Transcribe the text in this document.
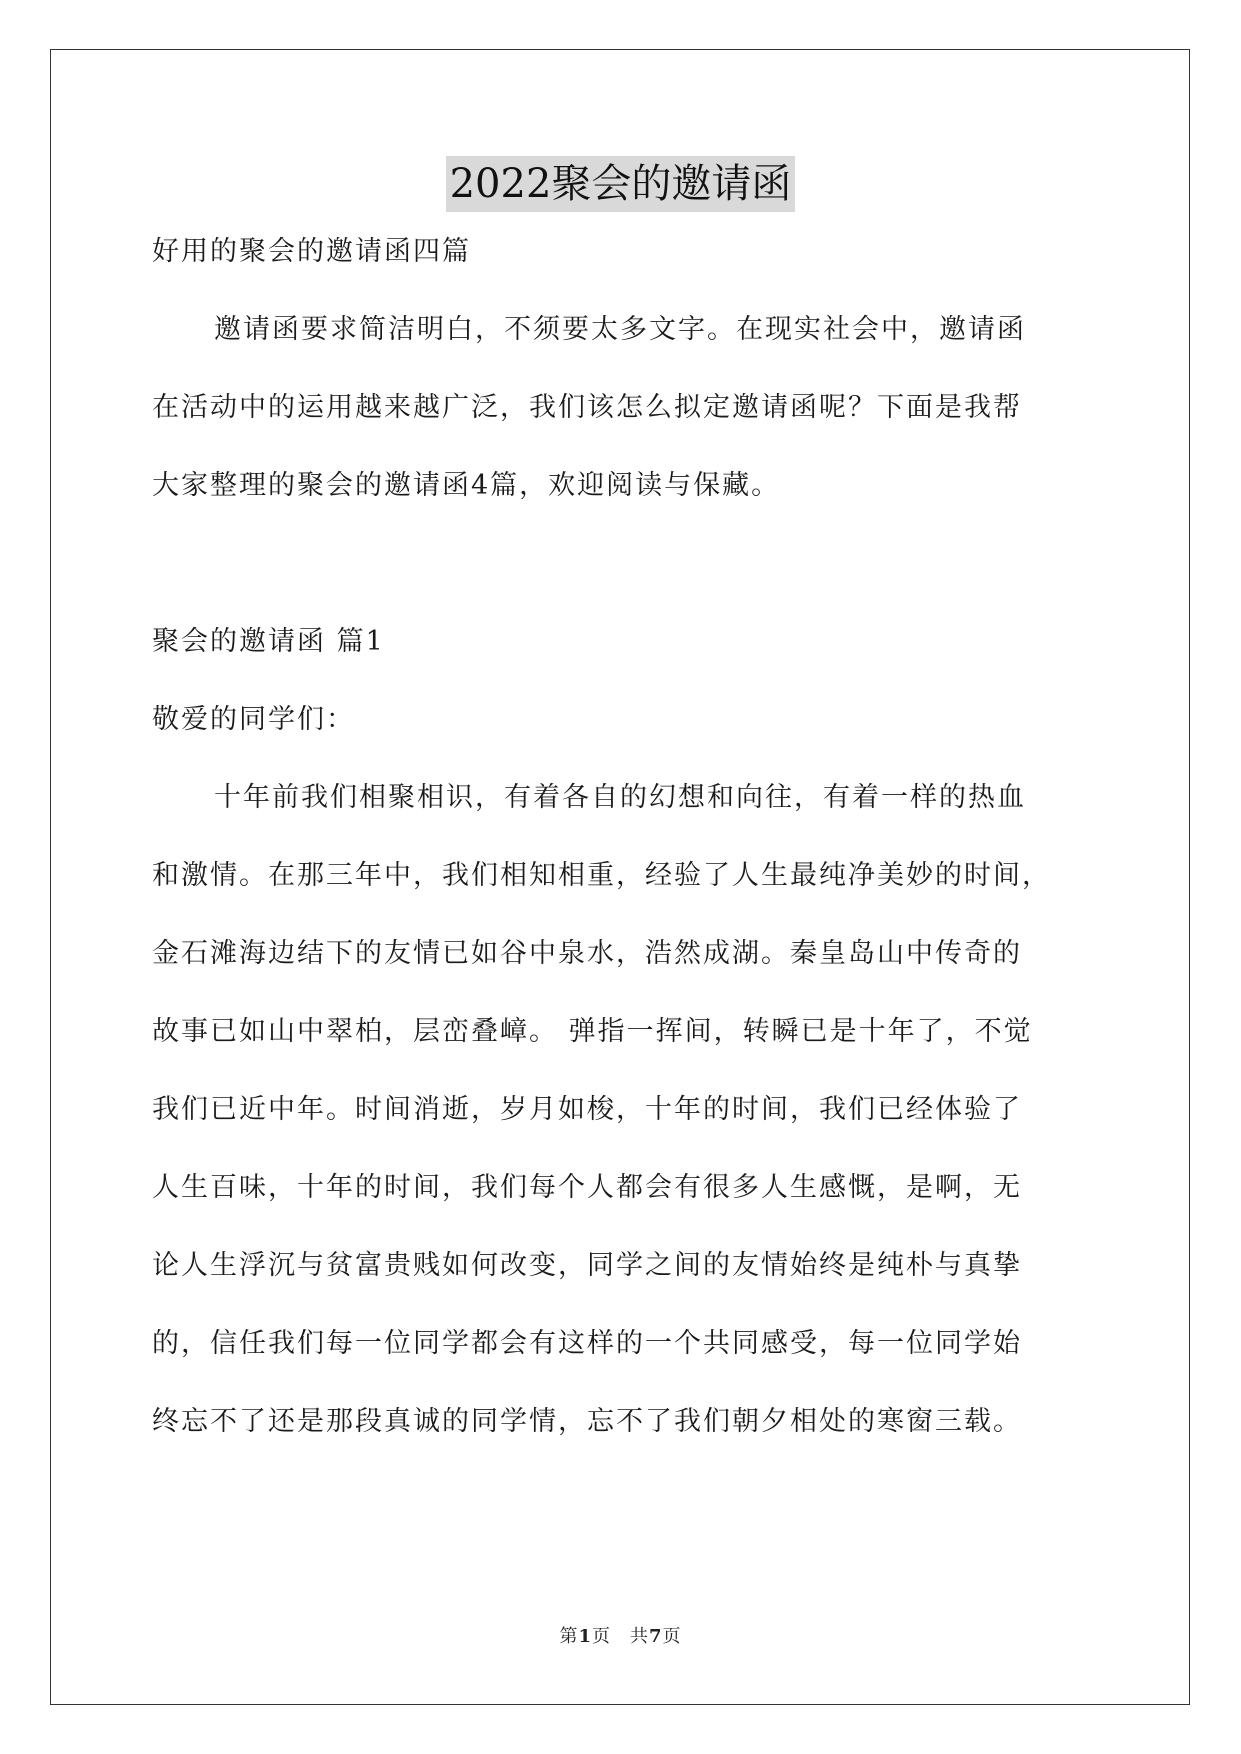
2022聚会的邀请函
好用的聚会的邀请函四篇
邀请函要求简洁明白，不须要太多文字。在现实社会中，邀请函
在活动中的运用越来越广泛，我们该怎么拟定邀请函呢？下面是我帮
大家整理的聚会的邀请函4篇，欢迎阅读与保藏。
聚会的邀请函 篇1
敬爱的同学们：
十年前我们相聚相识，有着各自的幻想和向往，有着一样的热血
和激情。在那三年中，我们相知相重，经验了人生最纯净美妙的时间，
金石滩海边结下的友情已如谷中泉水，浩然成湖。秦皇岛山中传奇的
故事已如山中翠柏，层峦叠嶂。 弹指一挥间，转瞬已是十年了，不觉
我们已近中年。时间消逝，岁月如梭，十年的时间，我们已经体验了
人生百味，十年的时间，我们每个人都会有很多人生感慨，是啊，无
论人生浮沉与贫富贵贱如何改变，同学之间的友情始终是纯朴与真挚
的，信任我们每一位同学都会有这样的一个共同感受，每一位同学始
终忘不了还是那段真诚的同学情，忘不了我们朝夕相处的寒窗三载。
第1页　共7页
